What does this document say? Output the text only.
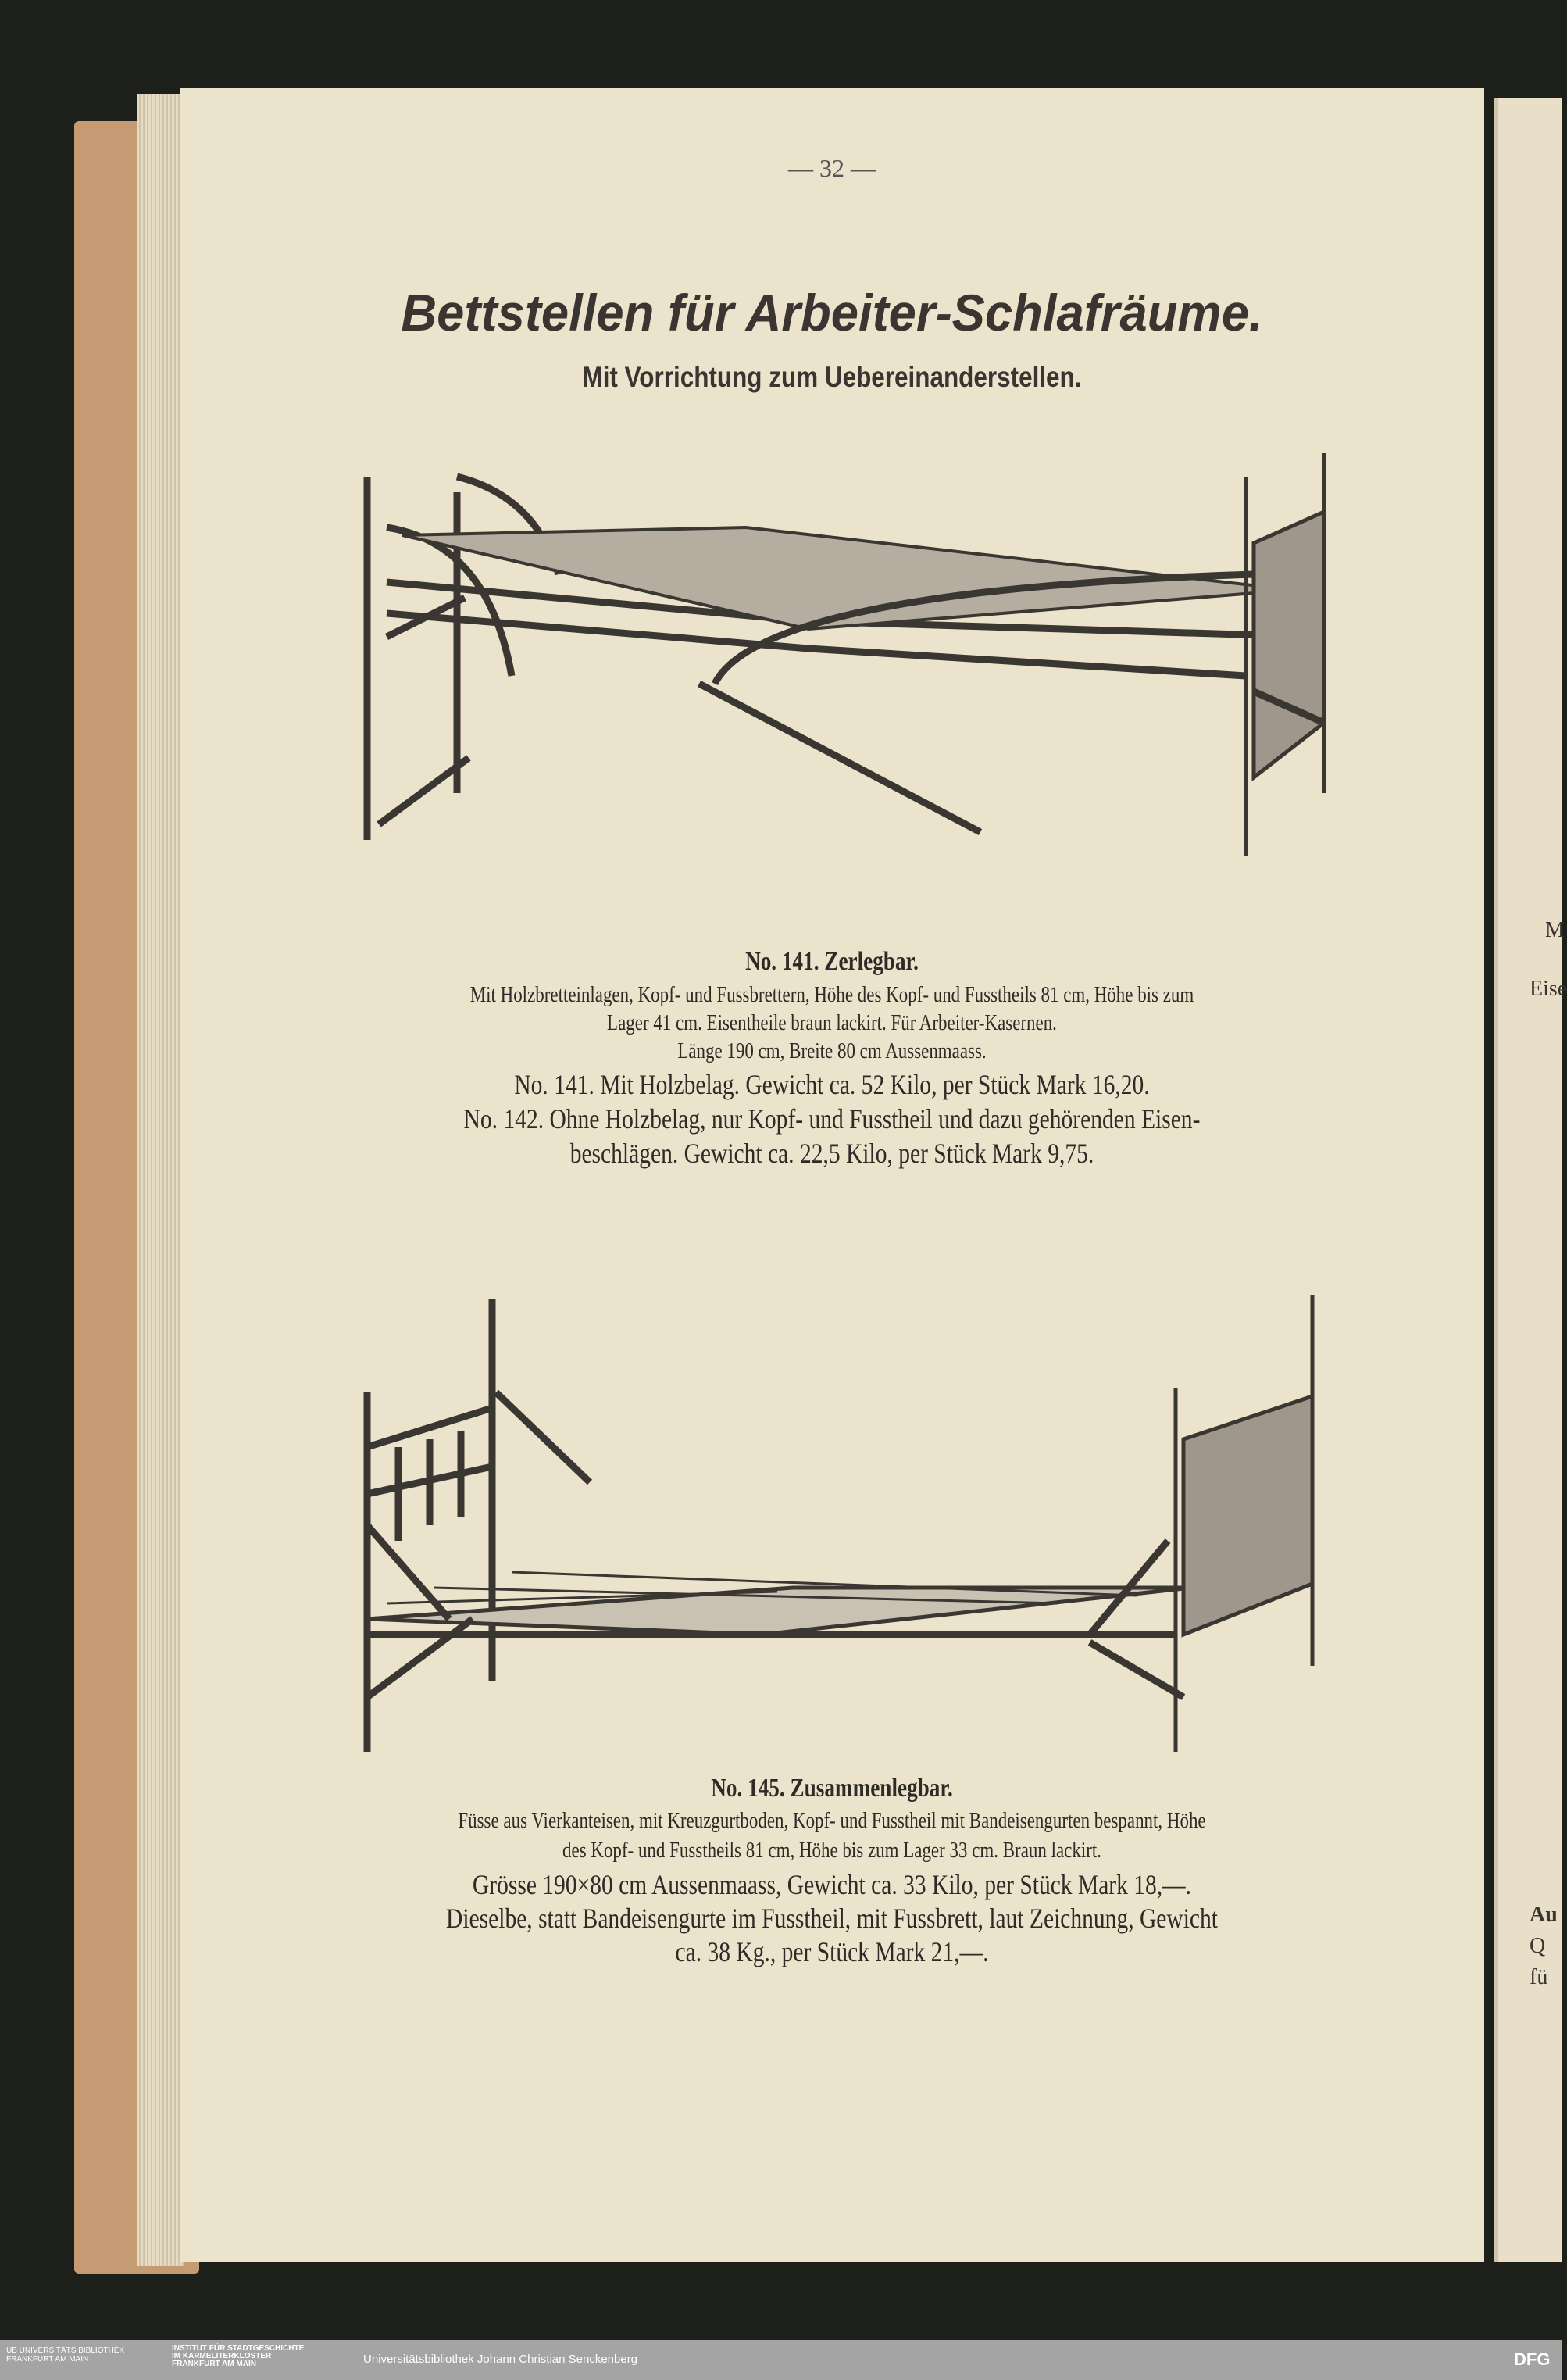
M
Eise
Au
Q
fü
— 32 —
Bettstellen für Arbeiter-Schlafräume.
Mit Vorrichtung zum Uebereinanderstellen.
No. 141. Zerlegbar.
Mit Holzbretteinlagen, Kopf- und Fussbrettern, Höhe des Kopf- und Fusstheils 81 cm, Höhe bis zum
Lager 41 cm. Eisentheile braun lackirt. Für Arbeiter-Kasernen.
Länge 190 cm, Breite 80 cm Aussenmaass.
No. 141. Mit Holzbelag. Gewicht ca. 52 Kilo, per Stück Mark 16,20.
No. 142. Ohne Holzbelag, nur Kopf- und Fusstheil und dazu gehörenden Eisen-
beschlägen. Gewicht ca. 22,5 Kilo, per Stück Mark 9,75.
No. 145. Zusammenlegbar.
Füsse aus Vierkanteisen, mit Kreuzgurtboden, Kopf- und Fusstheil mit Bandeisengurten bespannt, Höhe
des Kopf- und Fusstheils 81 cm, Höhe bis zum Lager 33 cm. Braun lackirt.
Grösse 190×80 cm Aussenmaass, Gewicht ca. 33 Kilo, per Stück Mark 18,—.
Dieselbe, statt Bandeisengurte im Fusstheil, mit Fussbrett, laut Zeichnung, Gewicht
ca. 38 Kg., per Stück Mark 21,—.
UB UNIVERSITÄTS BIBLIOTHEK FRANKFURT AM MAIN
INSTITUT FÜR STADTGESCHICHTE IM KARMELITERKLOSTER FRANKFURT AM MAIN	Universitätsbibliothek Johann Christian Senckenberg	DFG
